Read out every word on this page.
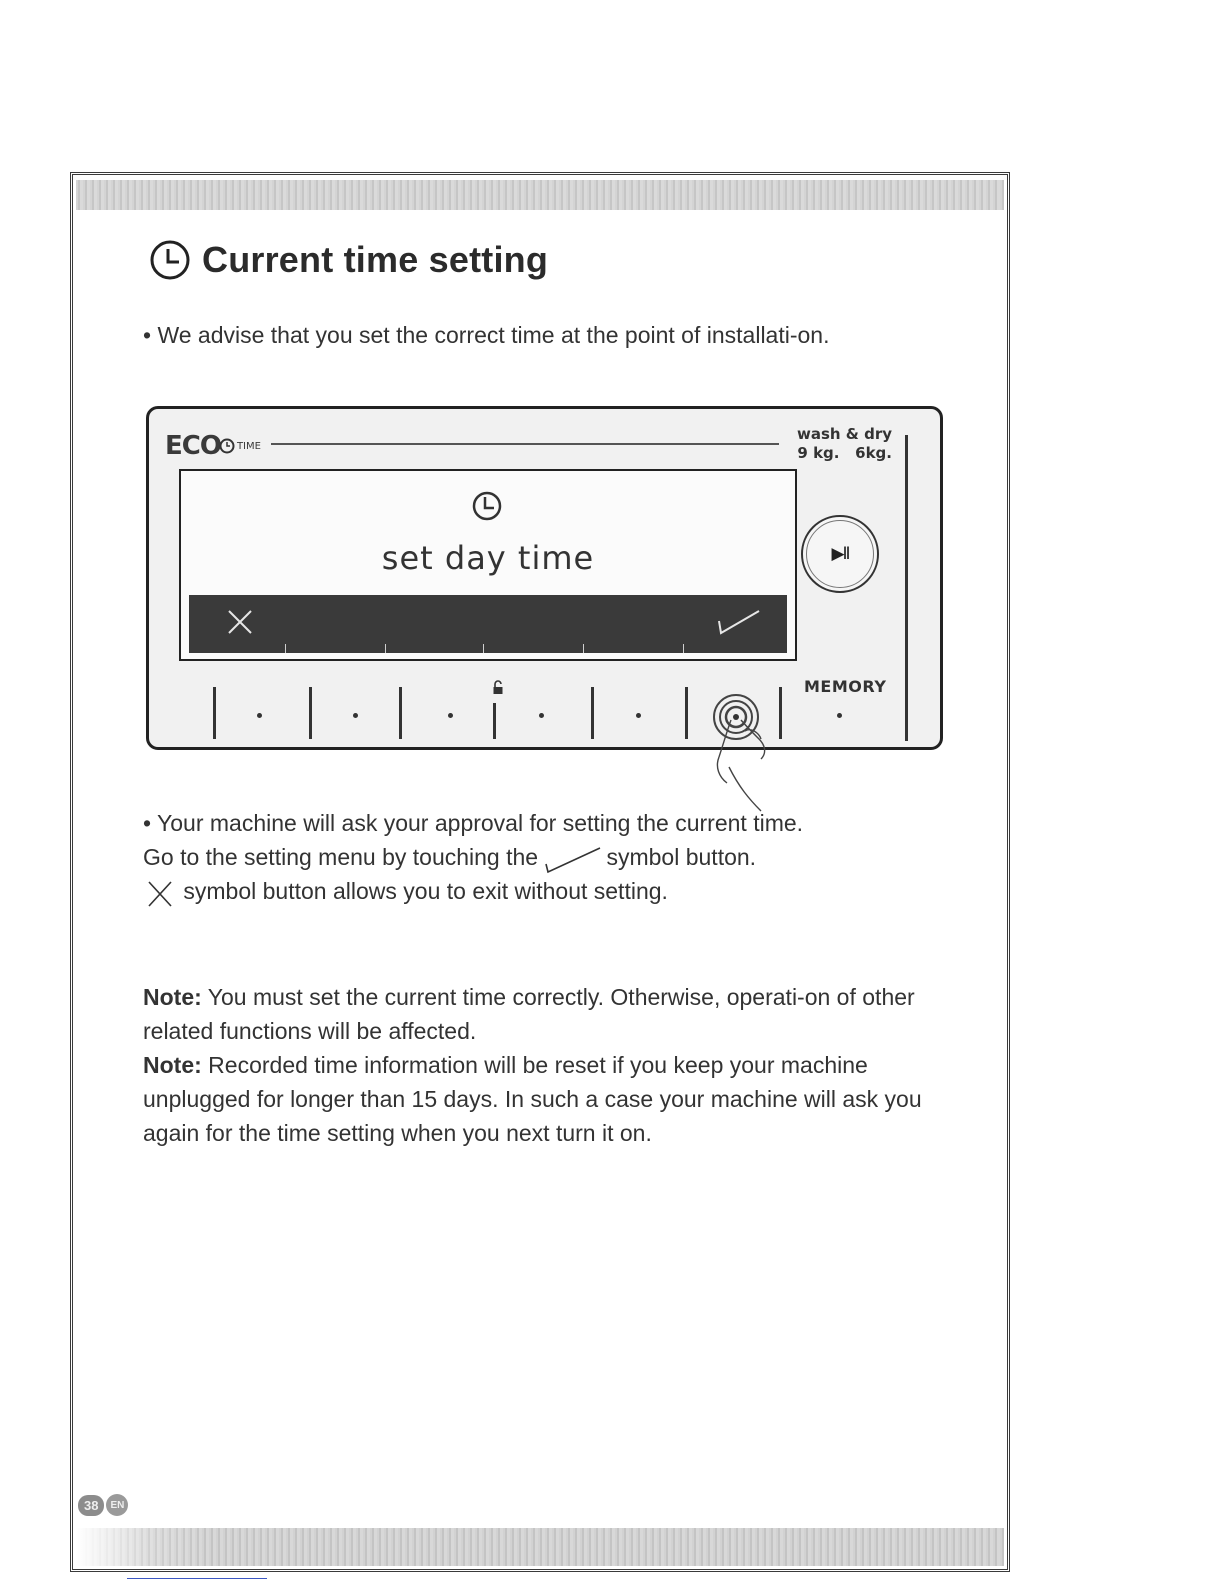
Current time setting
• We advise that you set the correct time at the point of installati-on.
ECO TIME
wash & dry
9 kg.   6kg.
set day time	▶II
MEMORY
• Your machine will ask your approval for setting the current time.
Go to the setting menu by touching the	symbol button.
symbol button allows you to exit without setting.
Note: You must set the current time correctly. Otherwise, operati-on of other related functions will be affected.
Note: Recorded time information will be reset if you keep your machine unplugged for longer than 15 days. In such a case your machine will ask you again for the time setting when you next turn it on.
38	EN
